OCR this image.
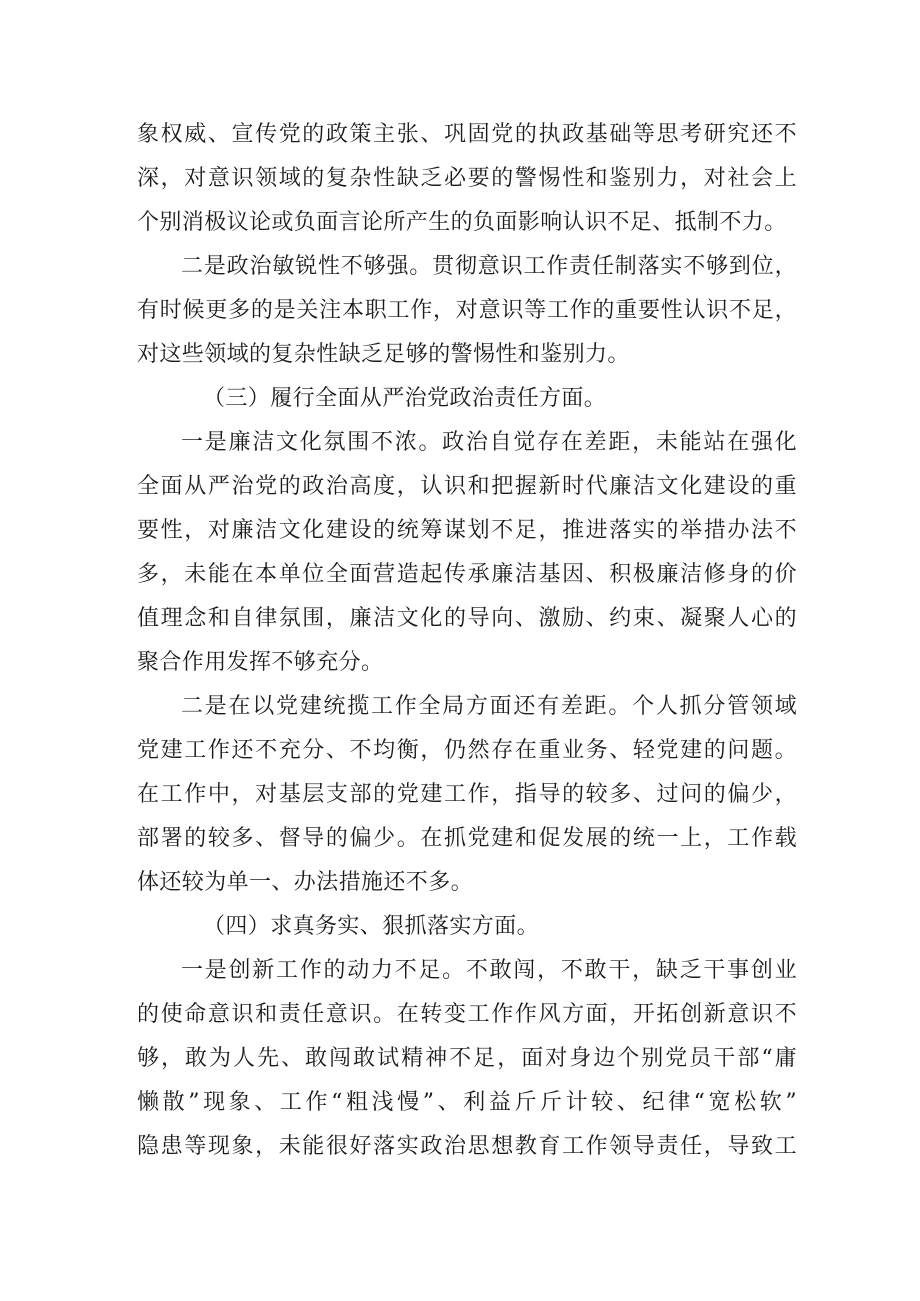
象权威、宣传党的政策主张、巩固党的执政基础等思考研究还不
深，对意识领域的复杂性缺乏必要的警惕性和鉴别力，对社会上
个别消极议论或负面言论所产生的负面影响认识不足、抵制不力。
二是政治敏锐性不够强。贯彻意识工作责任制落实不够到位，
有时候更多的是关注本职工作，对意识等工作的重要性认识不足，
对这些领域的复杂性缺乏足够的警惕性和鉴别力。
（三）履行全面从严治党政治责任方面。
一是廉洁文化氛围不浓。政治自觉存在差距，未能站在强化
全面从严治党的政治高度，认识和把握新时代廉洁文化建设的重
要性，对廉洁文化建设的统筹谋划不足，推进落实的举措办法不
多，未能在本单位全面营造起传承廉洁基因、积极廉洁修身的价
值理念和自律氛围，廉洁文化的导向、激励、约束、凝聚人心的
聚合作用发挥不够充分。
二是在以党建统揽工作全局方面还有差距。个人抓分管领域
党建工作还不充分、不均衡，仍然存在重业务、轻党建的问题。
在工作中，对基层支部的党建工作，指导的较多、过问的偏少，
部署的较多、督导的偏少。在抓党建和促发展的统一上，工作载
体还较为单一、办法措施还不多。
（四）求真务实、狠抓落实方面。
一是创新工作的动力不足。不敢闯，不敢干，缺乏干事创业
的使命意识和责任意识。在转变工作作风方面，开拓创新意识不
够，敢为人先、敢闯敢试精神不足，面对身边个别党员干部“庸
懒散”现象、工作“粗浅慢”、利益斤斤计较、纪律“宽松软”
隐患等现象，未能很好落实政治思想教育工作领导责任，导致工
